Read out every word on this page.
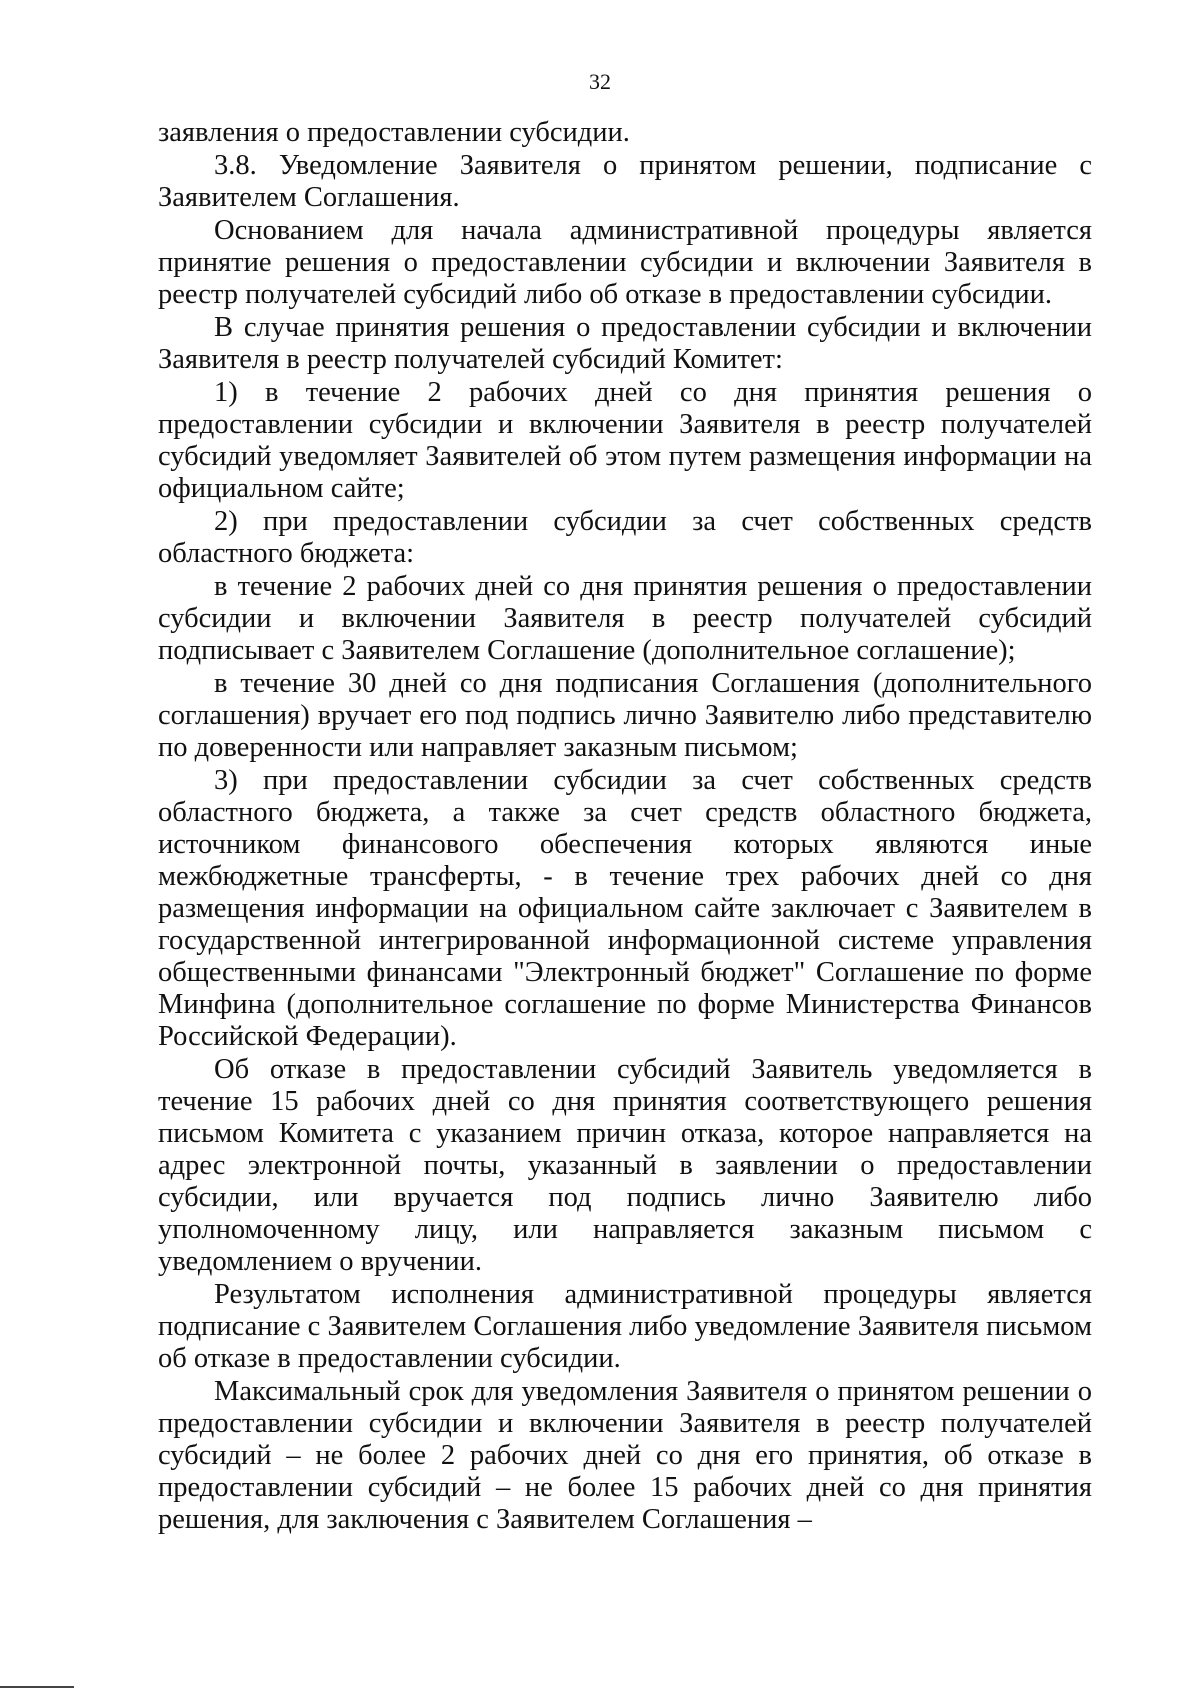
32

заявления о предоставлении субсидии.

3.8. Уведомление Заявителя о принятом решении, подписание с Заявителем Соглашения.

Основанием для начала административной процедуры является принятие решения о предоставлении субсидии и включении Заявителя в реестр получателей субсидий либо об отказе в предоставлении субсидии.

В случае принятия решения о предоставлении субсидии и включении Заявителя в реестр получателей субсидий Комитет:

1) в течение 2 рабочих дней со дня принятия решения о предоставлении субсидии и включении Заявителя в реестр получателей субсидий уведомляет Заявителей об этом путем размещения информации на официальном сайте;

2) при предоставлении субсидии за счет собственных средств областного бюджета:

в течение 2 рабочих дней со дня принятия решения о предоставлении субсидии и включении Заявителя в реестр получателей субсидий подписывает с Заявителем Соглашение (дополнительное соглашение);

в течение 30 дней со дня подписания Соглашения (дополнительного соглашения) вручает его под подпись лично Заявителю либо представителю по доверенности или направляет заказным письмом;

3) при предоставлении субсидии за счет собственных средств областного бюджета, а также за счет средств областного бюджета, источником финансового обеспечения которых являются иные межбюджетные трансферты, - в течение трех рабочих дней со дня размещения информации на официальном сайте заключает с Заявителем в государственной интегрированной информационной системе управления общественными финансами "Электронный бюджет" Соглашение по форме Минфина (дополнительное соглашение по форме Министерства Финансов Российской Федерации).

Об отказе в предоставлении субсидий Заявитель уведомляется в течение 15 рабочих дней со дня принятия соответствующего решения письмом Комитета с указанием причин отказа, которое направляется на адрес электронной почты, указанный в заявлении о предоставлении субсидии, или вручается под подпись лично Заявителю либо уполномоченному лицу, или направляется заказным письмом с уведомлением о вручении.

Результатом исполнения административной процедуры является подписание с Заявителем Соглашения либо уведомление Заявителя письмом об отказе в предоставлении субсидии.

Максимальный срок для уведомления Заявителя о принятом решении о предоставлении субсидии и включении Заявителя в реестр получателей субсидий – не более 2 рабочих дней со дня его принятия, об отказе в предоставлении субсидий – не более 15 рабочих дней со дня принятия решения, для заключения с Заявителем Соглашения –
